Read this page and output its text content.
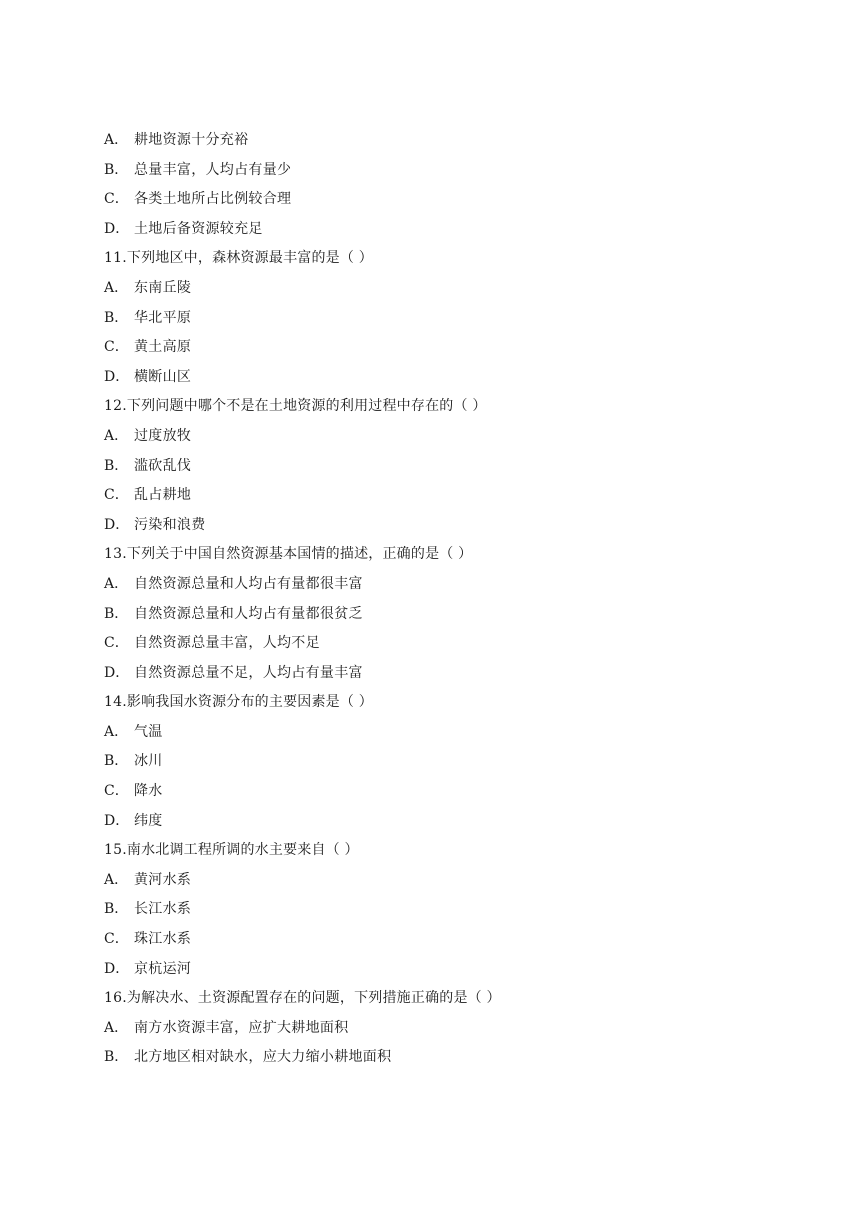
A． 耕地资源十分充裕
B． 总量丰富，人均占有量少
C． 各类土地所占比例较合理
D． 土地后备资源较充足
11.下列地区中，森林资源最丰富的是（ ）
A． 东南丘陵
B． 华北平原
C． 黄土高原
D． 横断山区
12.下列问题中哪个不是在土地资源的利用过程中存在的（ ）
A． 过度放牧
B． 滥砍乱伐
C． 乱占耕地
D． 污染和浪费
13.下列关于中国自然资源基本国情的描述，正确的是（ ）
A． 自然资源总量和人均占有量都很丰富
B． 自然资源总量和人均占有量都很贫乏
C． 自然资源总量丰富，人均不足
D． 自然资源总量不足，人均占有量丰富
14.影响我国水资源分布的主要因素是（ ）
A． 气温
B． 冰川
C． 降水
D． 纬度
15.南水北调工程所调的水主要来自（ ）
A． 黄河水系
B． 长江水系
C． 珠江水系
D． 京杭运河
16.为解决水、土资源配置存在的问题，下列措施正确的是（ ）
A． 南方水资源丰富，应扩大耕地面积
B． 北方地区相对缺水，应大力缩小耕地面积
